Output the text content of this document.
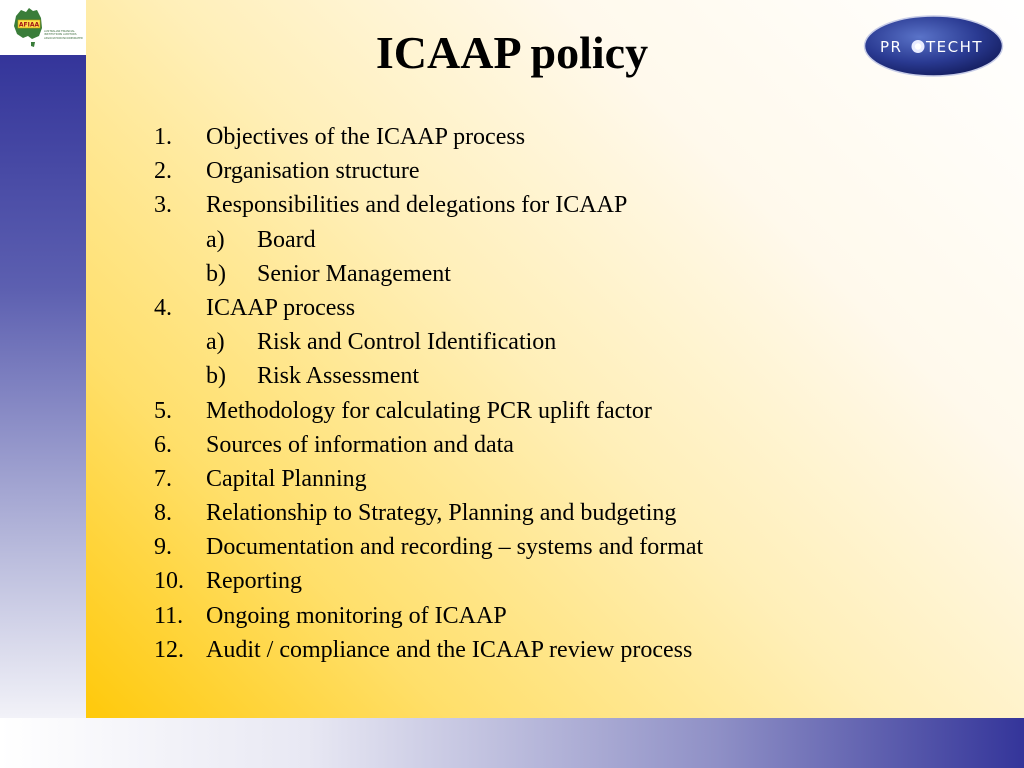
AFIAA
AUSTRALIAN FINANCIAL
INSTITUTIONS AUDITORS
ASSOCIATION INCORPORATED	PR TECHT
ICAAP policy
1. Objectives of the ICAAP process
2. Organisation structure
3. Responsibilities and delegations for ICAAP
a) Board
b) Senior Management
4. ICAAP process
a) Risk and Control Identification
b) Risk Assessment
5. Methodology for calculating PCR uplift factor
6. Sources of information and data
7. Capital Planning
8. Relationship to Strategy, Planning and budgeting
9. Documentation and recording – systems and format
10. Reporting
11. Ongoing monitoring of ICAAP
12. Audit / compliance and the ICAAP review process
